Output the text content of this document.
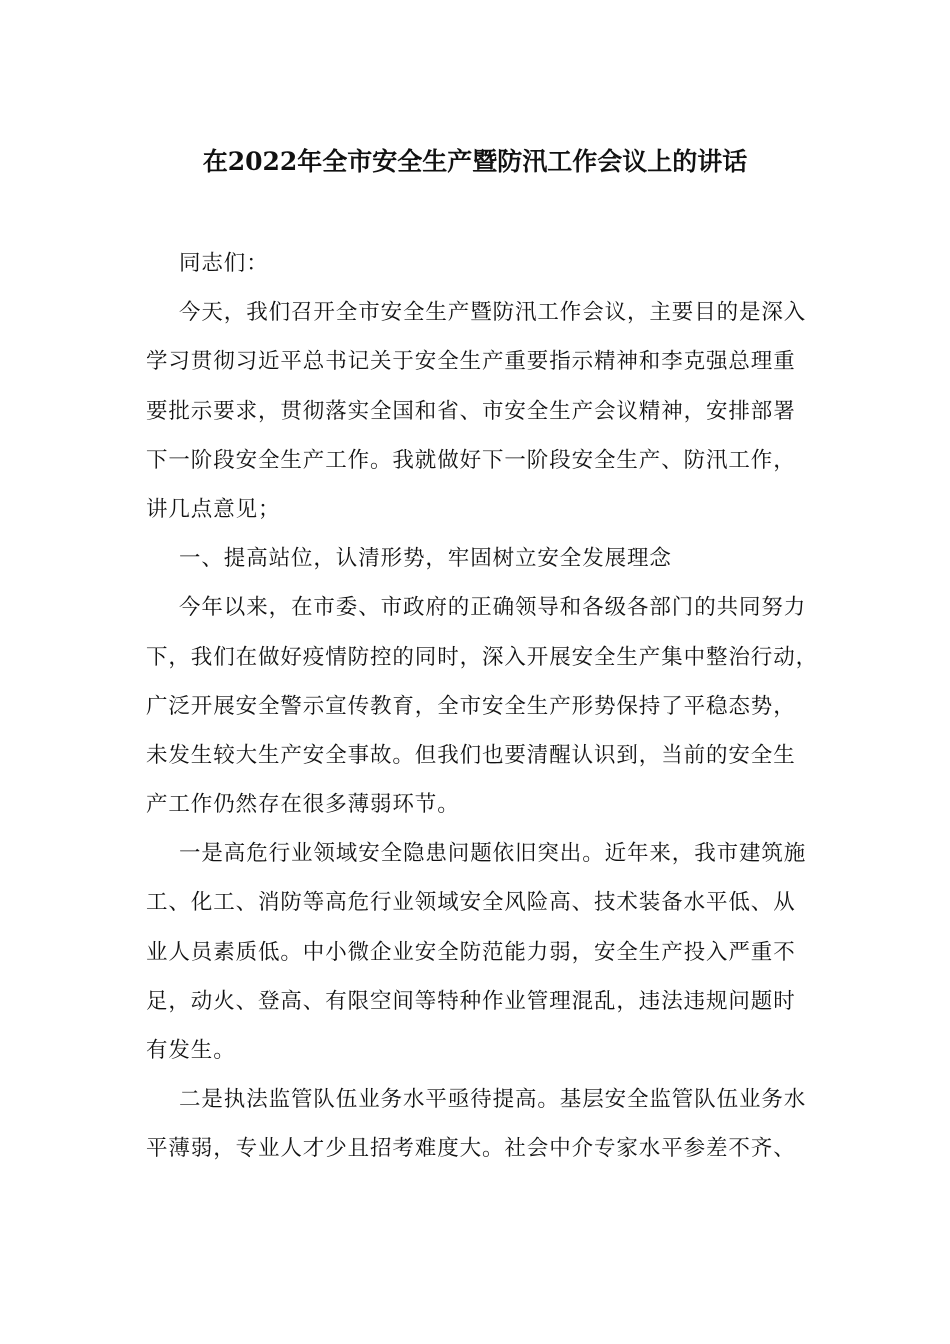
在2022年全市安全生产暨防汛工作会议上的讲话
同志们：
今天，我们召开全市安全生产暨防汛工作会议，主要目的是深入
学习贯彻习近平总书记关于安全生产重要指示精神和李克强总理重
要批示要求，贯彻落实全国和省、市安全生产会议精神，安排部署
下一阶段安全生产工作。我就做好下一阶段安全生产、防汛工作，
讲几点意见；
一、提高站位，认清形势，牢固树立安全发展理念
今年以来，在市委、市政府的正确领导和各级各部门的共同努力
下，我们在做好疫情防控的同时，深入开展安全生产集中整治行动，
广泛开展安全警示宣传教育，全市安全生产形势保持了平稳态势，
未发生较大生产安全事故。但我们也要清醒认识到，当前的安全生
产工作仍然存在很多薄弱环节。
一是高危行业领域安全隐患问题依旧突出。近年来，我市建筑施
工、化工、消防等高危行业领域安全风险高、技术装备水平低、从
业人员素质低。中小微企业安全防范能力弱，安全生产投入严重不
足，动火、登高、有限空间等特种作业管理混乱，违法违规问题时
有发生。
二是执法监管队伍业务水平亟待提高。基层安全监管队伍业务水
平薄弱，专业人才少且招考难度大。社会中介专家水平参差不齐、
